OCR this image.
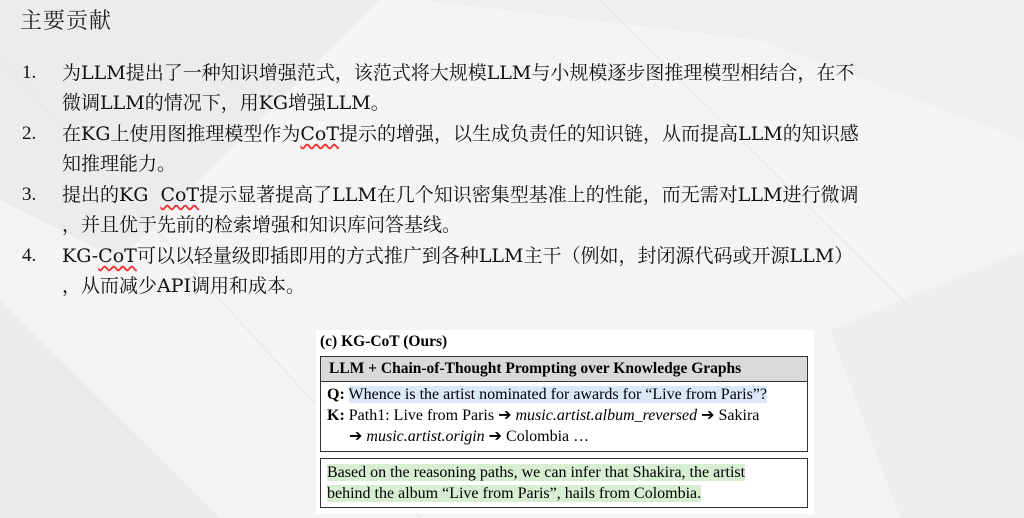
主要贡献
1. 为LLM提出了一种知识增强范式，该范式将大规模LLM与小规模逐步图推理模型相结合，在不
微调LLM的情况下，用KG增强LLM。
2. 在KG上使用图推理模型作为CoT提示的增强，以生成负责任的知识链，从而提高LLM的知识感
知推理能力。
3. 提出的KG  CoT提示显著提高了LLM在几个知识密集型基准上的性能，而无需对LLM进行微调
，并且优于先前的检索增强和知识库问答基线。
4. KG-CoT可以以轻量级即插即用的方式推广到各种LLM主干（例如，封闭源代码或开源LLM）
，从而减少API调用和成本。
(c) KG-CoT (Ours)
LLM + Chain-of-Thought Prompting over Knowledge Graphs
Q: Whence is the artist nominated for awards for “Live from Paris”?
K: Path1: Live from Paris ➔ music.artist.album_reversed ➔ Sakira
➔ music.artist.origin ➔ Colombia …
Based on the reasoning paths, we can infer that Shakira, the artist
behind the album “Live from Paris”, hails from Colombia.
